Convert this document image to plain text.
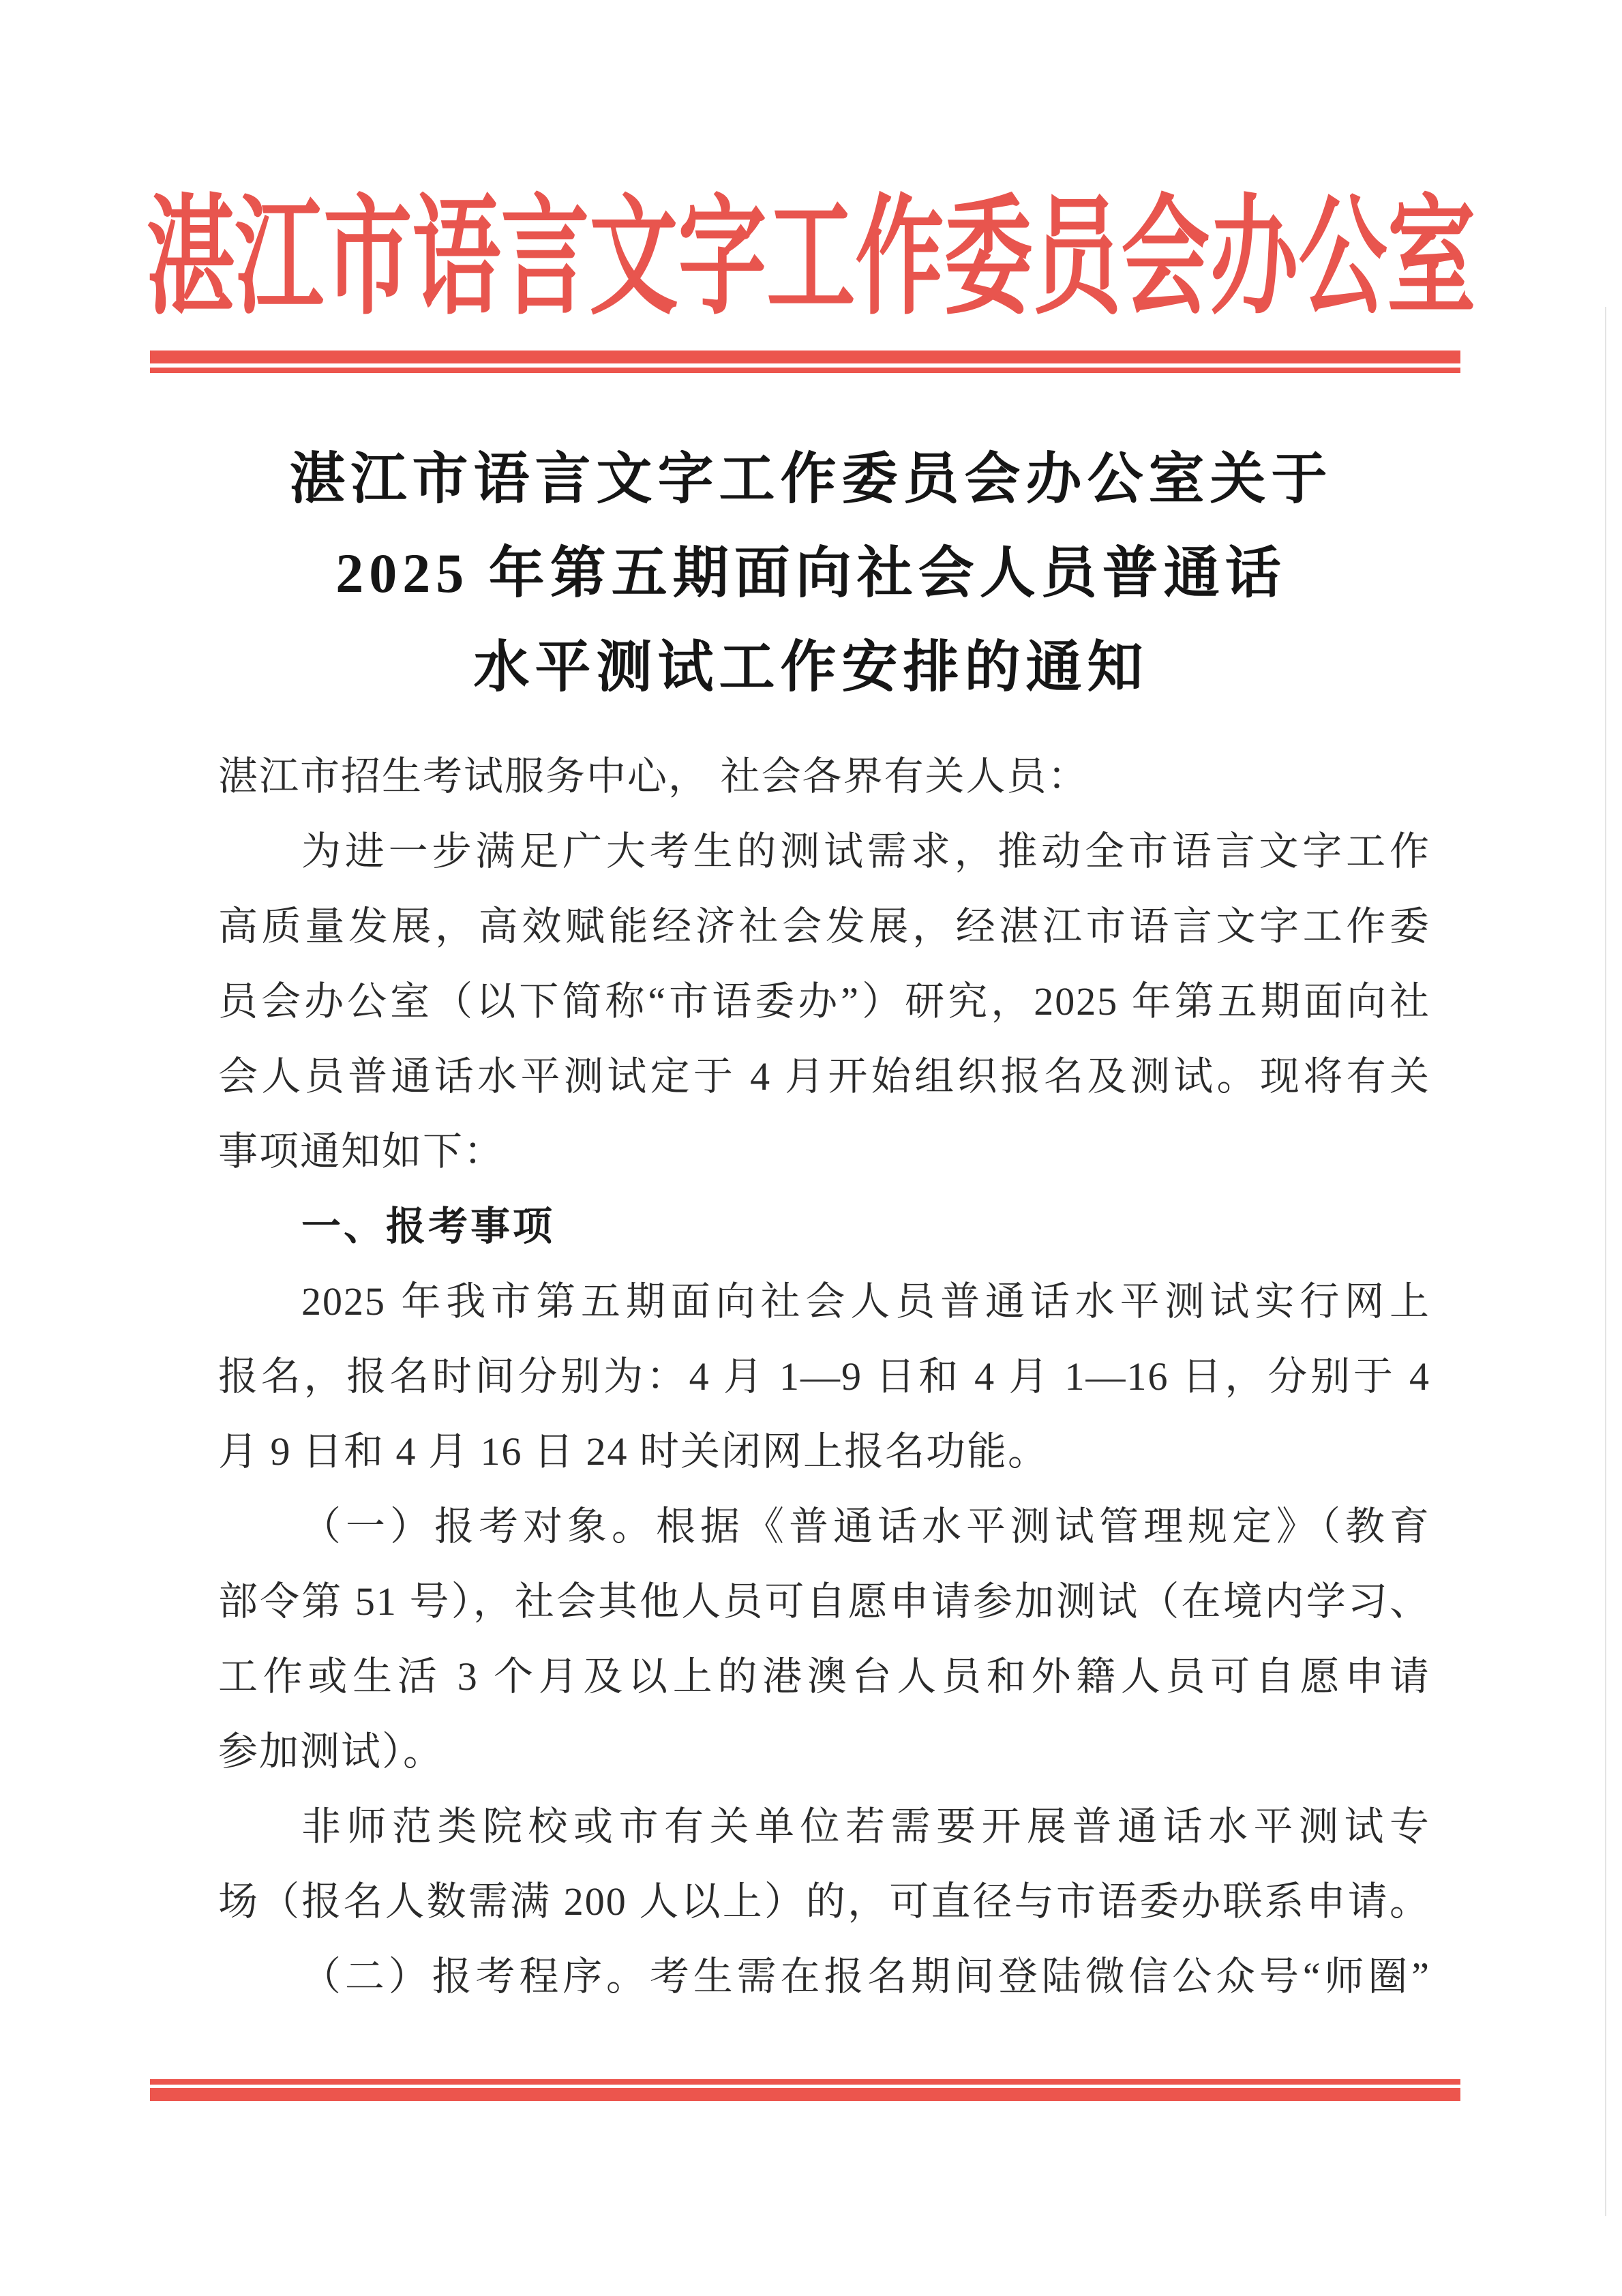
湛江市语言文字工作委员会办公室
湛江市语言文字工作委员会办公室关于
2025 年第五期面向社会人员普通话
水平测试工作安排的通知
湛江市招生考试服务中心， 社会各界有关人员：
为进一步满足广大考生的测试需求，推动全市语言文字工作
高质量发展，高效赋能经济社会发展，经湛江市语言文字工作委
员会办公室（以下简称“市语委办”）研究，2025 年第五期面向社
会人员普通话水平测试定于 4 月开始组织报名及测试。现将有关
事项通知如下：
一、报考事项
2025 年我市第五期面向社会人员普通话水平测试实行网上
报名，报名时间分别为：4 月 1—9 日和 4 月 1—16 日，分别于 4
月 9 日和 4 月 16 日 24 时关闭网上报名功能。
（一）报考对象。根据《普通话水平测试管理规定》（教育
部令第 51 号），社会其他人员可自愿申请参加测试（在境内学习、
工作或生活 3 个月及以上的港澳台人员和外籍人员可自愿申请
参加测试）。
非师范类院校或市有关单位若需要开展普通话水平测试专
场（报名人数需满 200 人以上）的，可直径与市语委办联系申请。
（二）报考程序。考生需在报名期间登陆微信公众号“师圈”
